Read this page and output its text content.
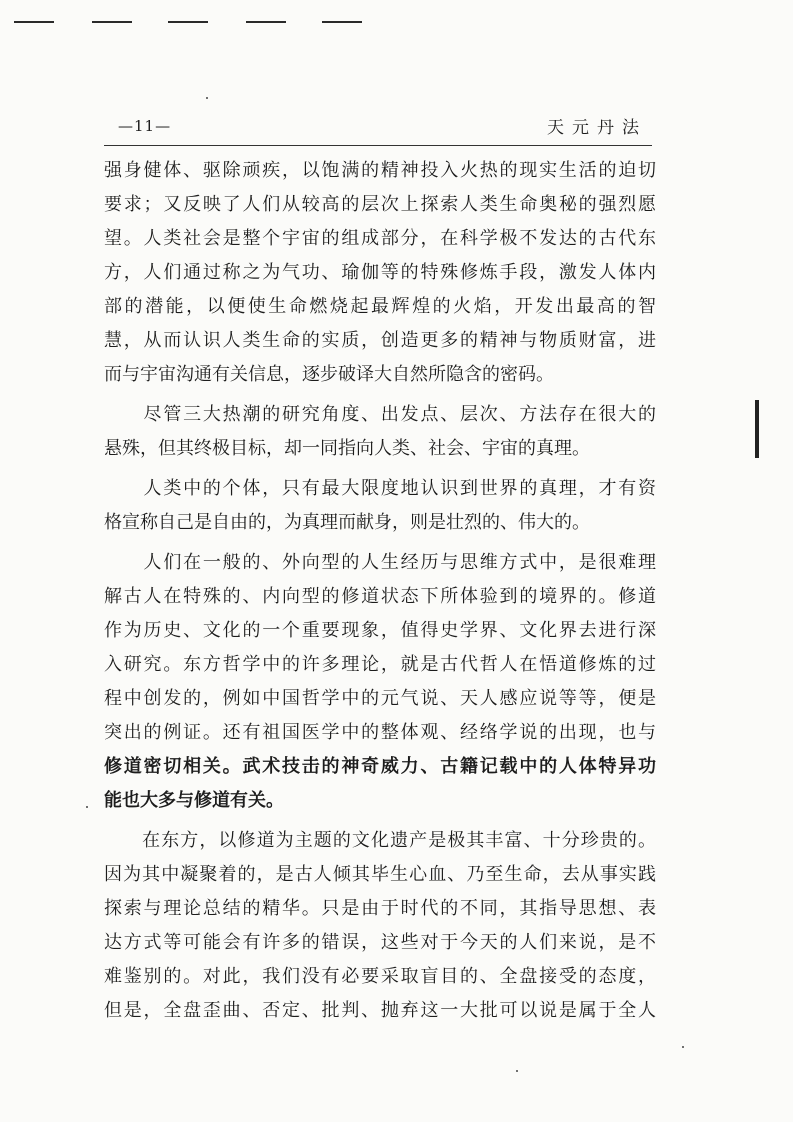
—11—	天元丹法
强身健体、驱除顽疾，以饱满的精神投入火热的现实生活的迫切
要求；又反映了人们从较高的层次上探索人类生命奥秘的强烈愿
望。人类社会是整个宇宙的组成部分，在科学极不发达的古代东
方，人们通过称之为气功、瑜伽等的特殊修炼手段，激发人体内
部的潜能，以便使生命燃烧起最辉煌的火焰，开发出最高的智
慧，从而认识人类生命的实质，创造更多的精神与物质财富，进
而与宇宙沟通有关信息，逐步破译大自然所隐含的密码。
　　尽管三大热潮的研究角度、出发点、层次、方法存在很大的
悬殊，但其终极目标，却一同指向人类、社会、宇宙的真理。
　　人类中的个体，只有最大限度地认识到世界的真理，才有资
格宣称自己是自由的，为真理而献身，则是壮烈的、伟大的。
　　人们在一般的、外向型的人生经历与思维方式中，是很难理
解古人在特殊的、内向型的修道状态下所体验到的境界的。修道
作为历史、文化的一个重要现象，值得史学界、文化界去进行深
入研究。东方哲学中的许多理论，就是古代哲人在悟道修炼的过
程中创发的，例如中国哲学中的元气说、天人感应说等等，便是
突出的例证。还有祖国医学中的整体观、经络学说的出现，也与
修道密切相关。武术技击的神奇威力、古籍记载中的人体特异功
能也大多与修道有关。
　　在东方，以修道为主题的文化遗产是极其丰富、十分珍贵的。
因为其中凝聚着的，是古人倾其毕生心血、乃至生命，去从事实践
探索与理论总结的精华。只是由于时代的不同，其指导思想、表
达方式等可能会有许多的错误，这些对于今天的人们来说，是不
难鉴别的。对此，我们没有必要采取盲目的、全盘接受的态度，
但是，全盘歪曲、否定、批判、抛弃这一大批可以说是属于全人
